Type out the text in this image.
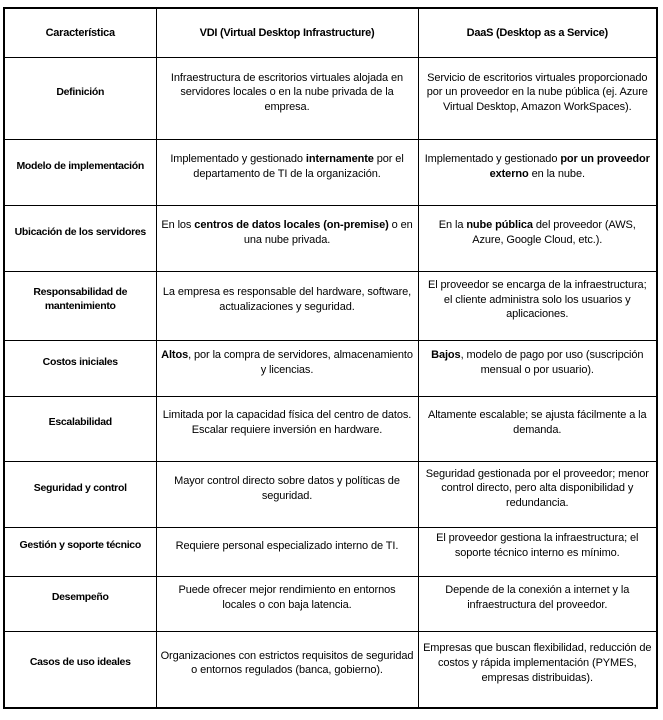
Característica	VDI (Virtual Desktop Infrastructure)	DaaS (Desktop as a Service)
Definición	Infraestructura de escritorios virtuales alojada en servidores locales o en la nube privada de la empresa.	Servicio de escritorios virtuales proporcionado por un proveedor en la nube pública (ej. Azure Virtual Desktop, Amazon WorkSpaces).
Modelo de implementación	Implementado y gestionado internamente por el departamento de TI de la organización.	Implementado y gestionado por un proveedor externo en la nube.
Ubicación de los servidores	En los centros de datos locales (on-premise) o en una nube privada.	En la nube pública del proveedor (AWS, Azure, Google Cloud, etc.).
Responsabilidad de mantenimiento	La empresa es responsable del hardware, software, actualizaciones y seguridad.	El proveedor se encarga de la infraestructura; el cliente administra solo los usuarios y aplicaciones.
Costos iniciales	Altos, por la compra de servidores, almacenamiento y licencias.	Bajos, modelo de pago por uso (suscripción mensual o por usuario).
Escalabilidad	Limitada por la capacidad física del centro de datos. Escalar requiere inversión en hardware.	Altamente escalable; se ajusta fácilmente a la demanda.
Seguridad y control	Mayor control directo sobre datos y políticas de seguridad.	Seguridad gestionada por el proveedor; menor control directo, pero alta disponibilidad y redundancia.
Gestión y soporte técnico	Requiere personal especializado interno de TI.	El proveedor gestiona la infraestructura; el soporte técnico interno es mínimo.
Desempeño	Puede ofrecer mejor rendimiento en entornos locales o con baja latencia.	Depende de la conexión a internet y la infraestructura del proveedor.
Casos de uso ideales	Organizaciones con estrictos requisitos de seguridad o entornos regulados (banca, gobierno).	Empresas que buscan flexibilidad, reducción de costos y rápida implementación (PYMES, empresas distribuidas).
